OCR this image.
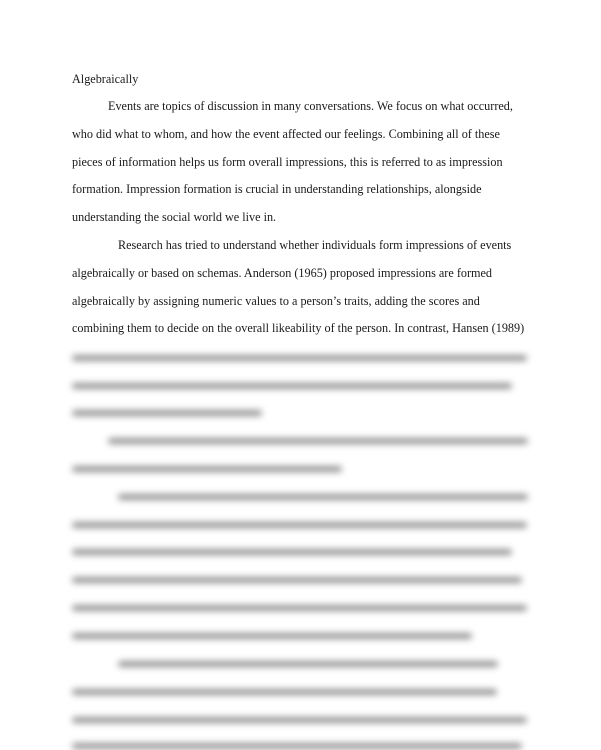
Algebraically
Events are topics of discussion in many conversations. We focus on what occurred,
who did what to whom, and how the event affected our feelings. Combining all of these
pieces of information helps us form overall impressions, this is referred to as impression
formation. Impression formation is crucial in understanding relationships, alongside
understanding the social world we live in.
Research has tried to understand whether individuals form impressions of events
algebraically or based on schemas. Anderson (1965) proposed impressions are formed
algebraically by assigning numeric values to a person’s traits, adding the scores and
combining them to decide on the overall likeability of the person. In contrast, Hansen (1989)
